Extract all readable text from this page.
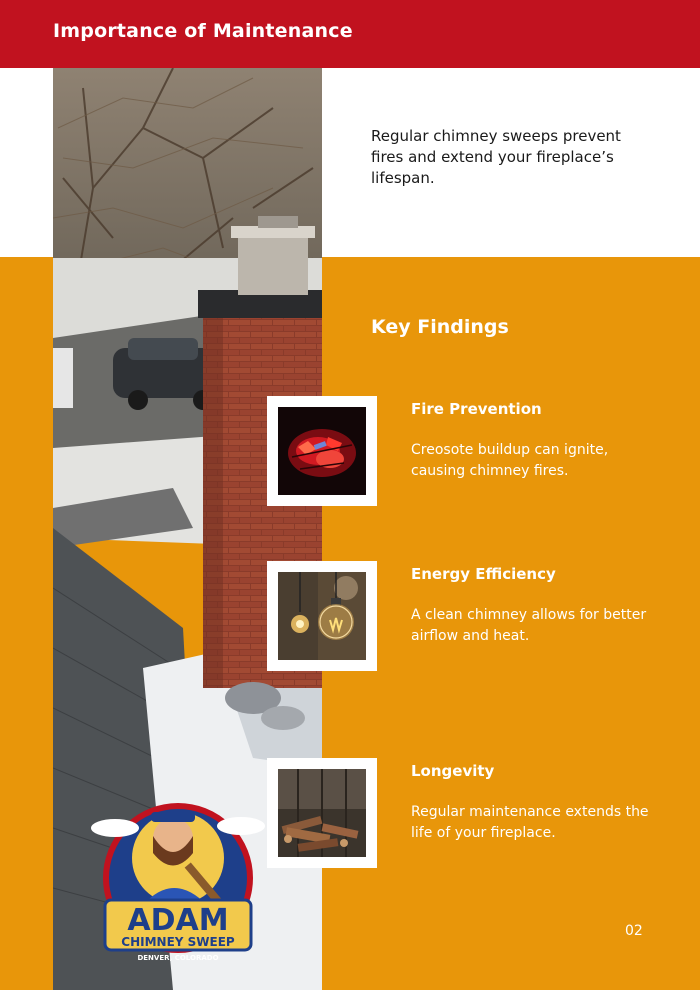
Importance of Maintenance
Regular chimney sweeps prevent fires and extend your fireplace’s lifespan.
ADAM
CHIMNEY SWEEP
DENVER, COLORADO
Key Findings
Fire Prevention
Creosote buildup can ignite, causing chimney fires.
Energy Efficiency
A clean chimney allows for better airflow and heat.
Longevity
Regular maintenance extends the life of your fireplace.
02
